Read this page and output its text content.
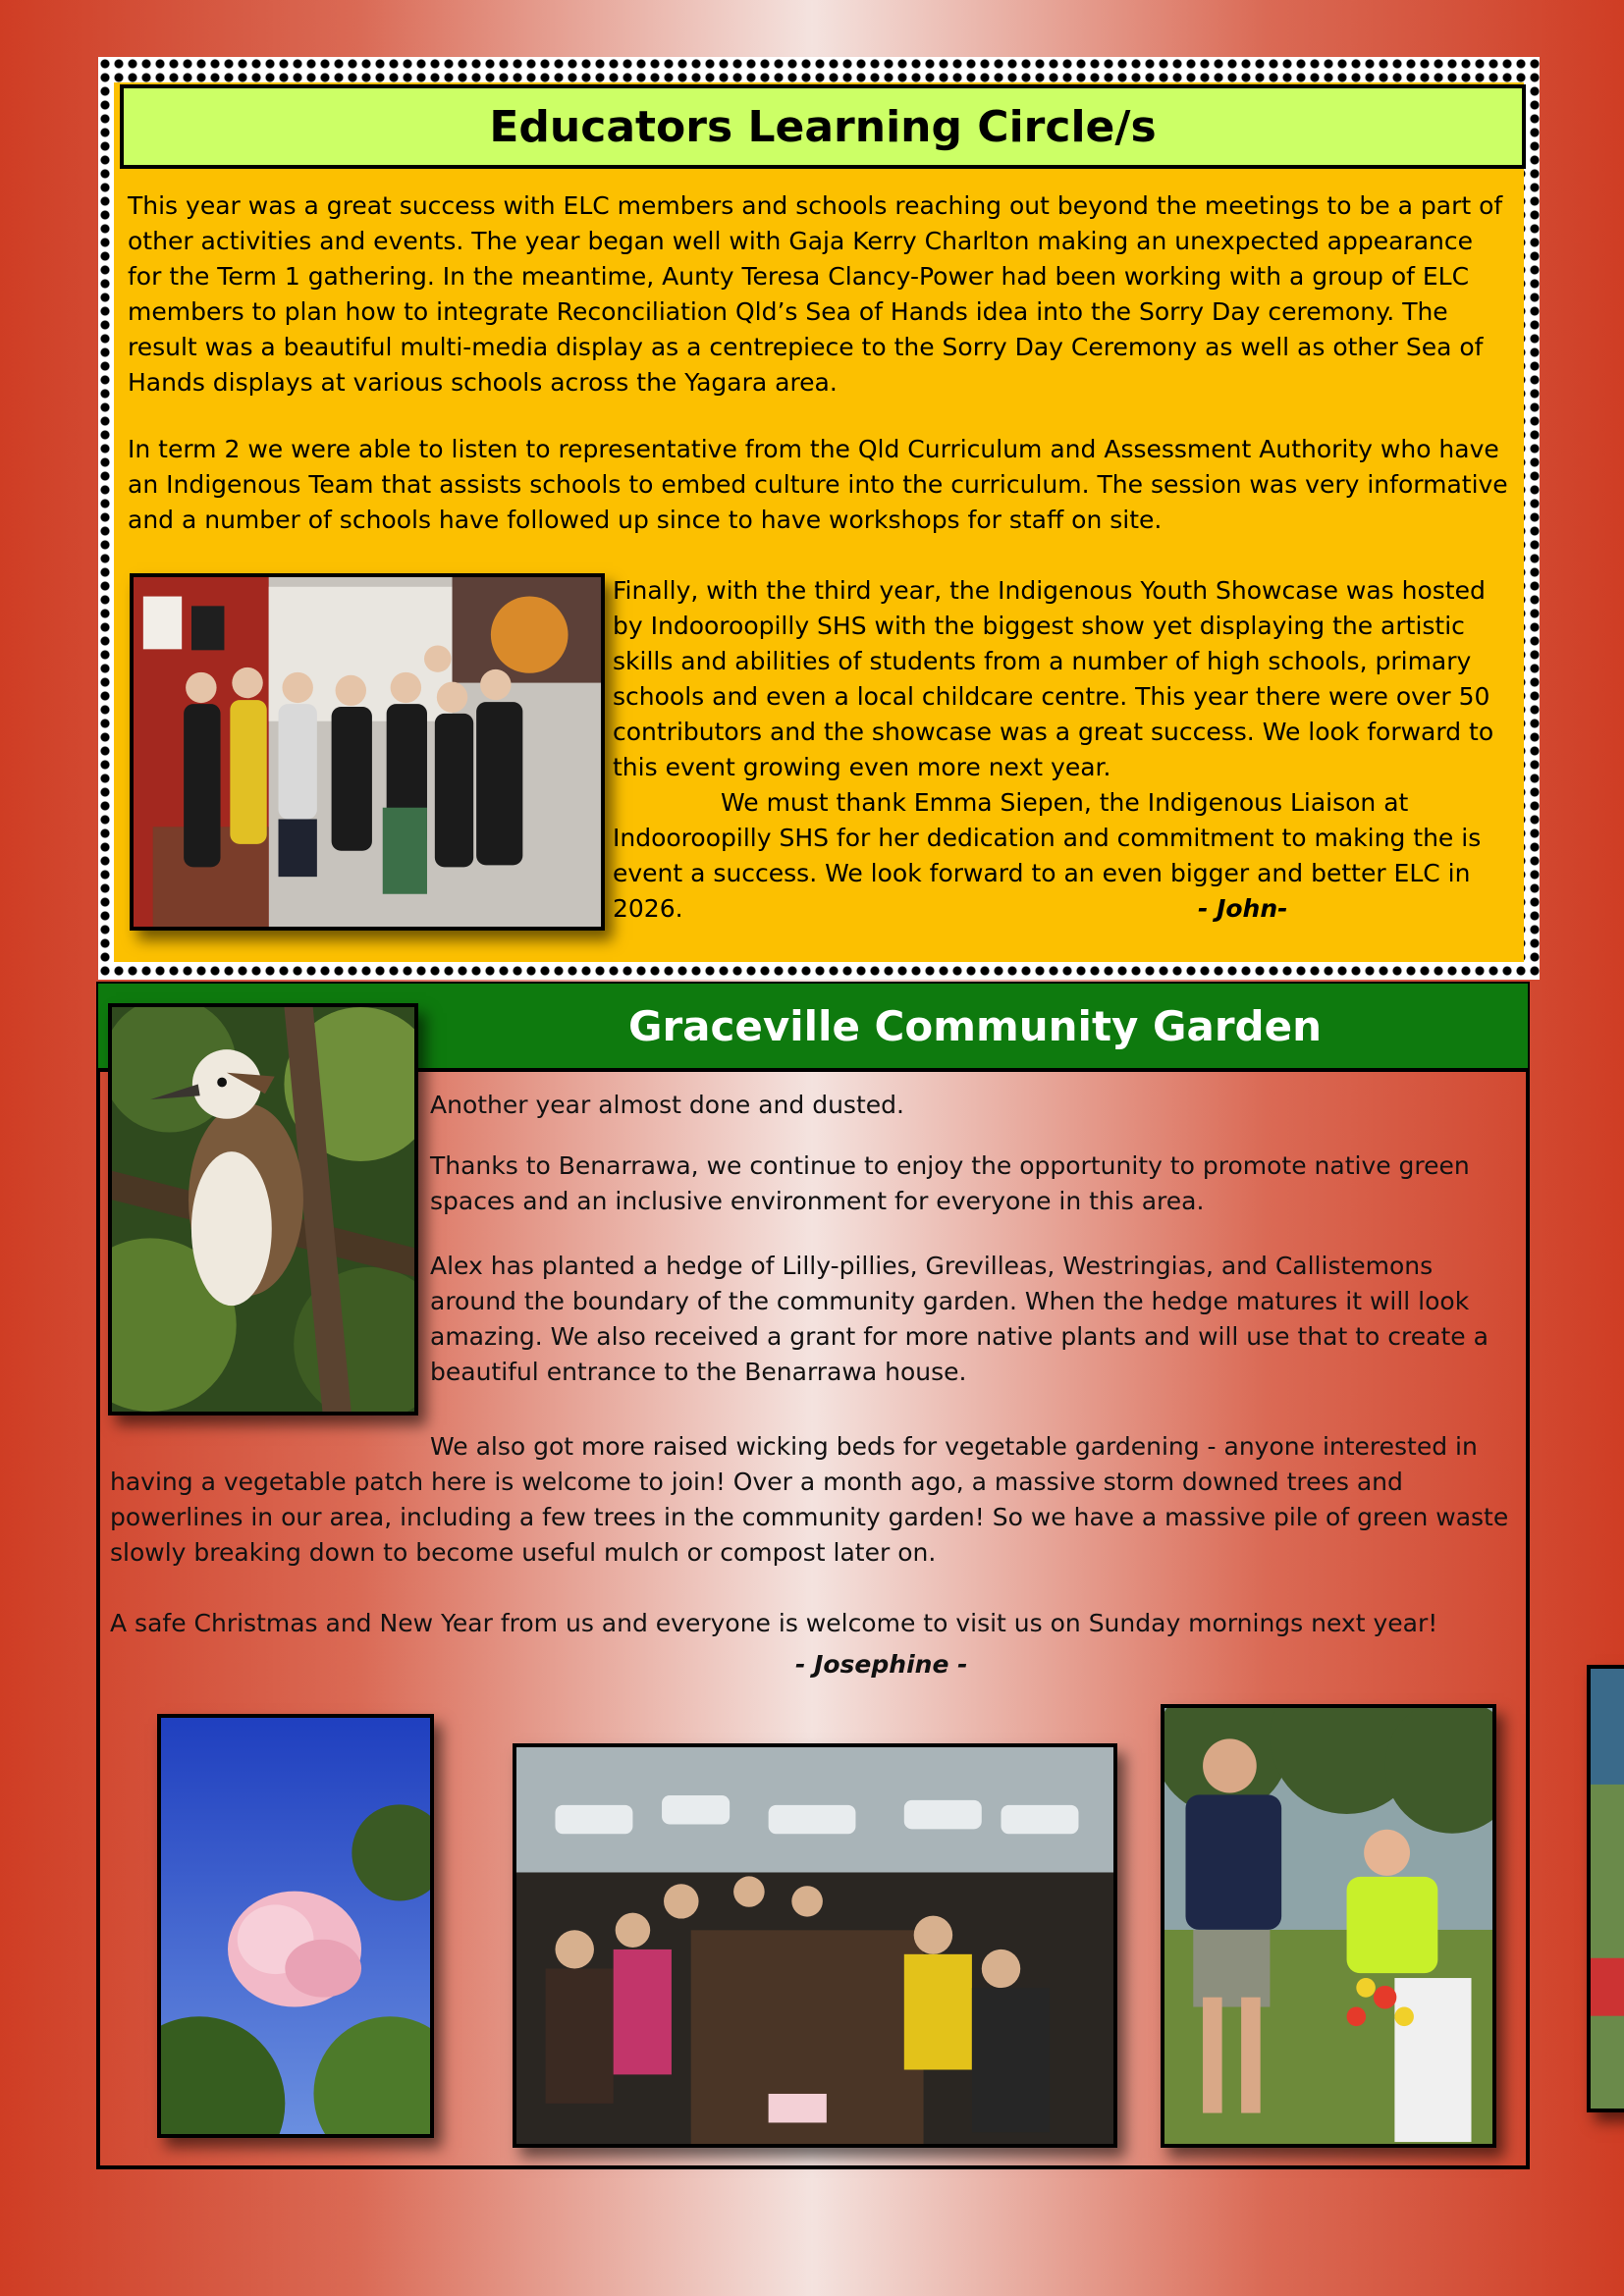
Educators Learning Circle/s

This year was a great success with ELC members and schools reaching out beyond the meetings to be a part of other activities and events. The year began well with Gaja Kerry Charlton making an unexpected appearance for the Term 1 gathering. In the meantime, Aunty Teresa Clancy-Power had been working with a group of ELC members to plan how to integrate Reconciliation Qld’s Sea of Hands idea into the Sorry Day ceremony. The result was a beautiful multi-media display as a centrepiece to the Sorry Day Ceremony as well as other Sea of Hands displays at various schools across the Yagara area.

In term 2 we were able to listen to representative from the Qld Curriculum and Assessment Authority who have an Indigenous Team that assists schools to embed culture into the curriculum. The session was very informative and a number of schools have followed up since to have workshops for staff on site.

Finally, with the third year, the Indigenous Youth Showcase was hosted by Indooroopilly SHS with the biggest show yet displaying the artistic skills and abilities of students from a number of high schools, primary schools and even a local childcare centre. This year there were over 50 contributors and the showcase was a great success. We look forward to this event growing even more next year.

We must thank Emma Siepen, the Indigenous Liaison at Indooroopilly SHS for her dedication and commitment to making the is event a success. We look forward to an even bigger and better ELC in 2026.	- John-
Graceville Community Garden

Another year almost done and dusted.

Thanks to Benarrawa, we continue to enjoy the opportunity to promote native green spaces and an inclusive environment for everyone in this area.

Alex has planted a hedge of Lilly-pillies, Grevilleas, Westringias, and Callistemons around the boundary of the community garden. When the hedge matures it will look amazing. We also received a grant for more native plants and will use that to create a beautiful entrance to the Benarrawa house.

We also got more raised wicking beds for vegetable gardening - anyone interested in having a vegetable patch here is welcome to join! Over a month ago, a massive storm downed trees and powerlines in our area, including a few trees in the community garden! So we have a massive pile of green waste slowly breaking down to become useful mulch or compost later on.

A safe Christmas and New Year from us and everyone is welcome to visit us on Sunday mornings next year!

- Josephine -
